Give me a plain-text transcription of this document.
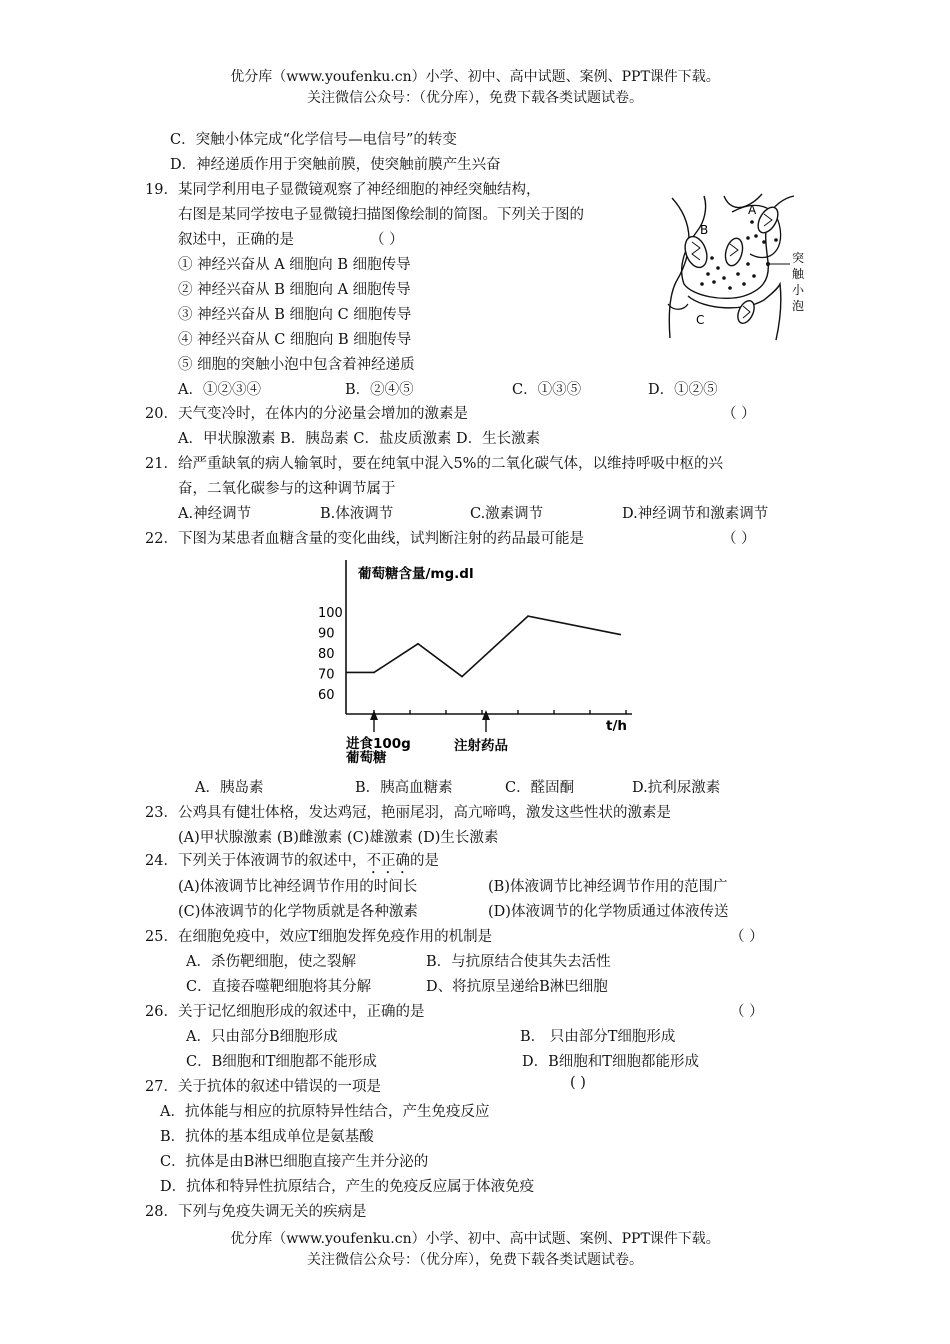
优分库（www.youfenku.cn）小学、初中、高中试题、案例、PPT课件下载。
关注微信公众号：（优分库），免费下载各类试题试卷。
C．突触小体完成“化学信号—电信号”的转变
D．神经递质作用于突触前膜，使突触前膜产生兴奋
19．某同学利用电子显微镜观察了神经细胞的神经突触结构，
右图是某同学按电子显微镜扫描图像绘制的简图。下列关于图的
叙述中，正确的是	（ ）
① 神经兴奋从 A 细胞向 B 细胞传导
② 神经兴奋从 B 细胞向 A 细胞传导
③ 神经兴奋从 B 细胞向 C 细胞传导
④ 神经兴奋从 C 细胞向 B 细胞传导
⑤ 细胞的突触小泡中包含着神经递质
A．①②③④	B．②④⑤	C．①③⑤	D．①②⑤
A
B
C
突
触
小
泡
20．天气变冷时，在体内的分泌量会增加的激素是	（ ）
A．甲状腺激素 B．胰岛素 C．盐皮质激素 D．生长激素
21．给严重缺氧的病人输氧时，要在纯氧中混入5%的二氧化碳气体，以维持呼吸中枢的兴
奋，二氧化碳参与的这种调节属于
A.神经调节	B.体液调节	C.激素调节	D.神经调节和激素调节
22．下图为某患者血糖含量的变化曲线，试判断注射的药品最可能是	（ ）
葡萄糖含量/mg.dl
60
70
80
90
100
t/h
进食100g
葡萄糖
注射药品
A．胰岛素	B．胰高血糖素	C．醛固酮	D.抗利尿激素
23．公鸡具有健壮体格，发达鸡冠，艳丽尾羽，高亢啼鸣，激发这些性状的激素是
(A)甲状腺激素 (B)雌激素 (C)雄激素 (D)生长激素
24．下列关于体液调节的叙述中，不正确的是
(A)体液调节比神经调节作用的时间长	(B)体液调节比神经调节作用的范围广
(C)体液调节的化学物质就是各种激素	(D)体液调节的化学物质通过体液传送
25．在细胞免疫中，效应T细胞发挥免疫作用的机制是	（ ）
A．杀伤靶细胞，使之裂解	B．与抗原结合使其失去活性
C．直接吞噬靶细胞将其分解	D、将抗原呈递给B淋巴细胞
26．关于记忆细胞形成的叙述中，正确的是	（ ）
A．只由部分B细胞形成	B． 只由部分T细胞形成
C．B细胞和T细胞都不能形成	D．B细胞和T细胞都能形成
27．关于抗体的叙述中错误的一项是	( )
A．抗体能与相应的抗原特异性结合，产生免疫反应
B．抗体的基本组成单位是氨基酸
C．抗体是由B淋巴细胞直接产生并分泌的
D．抗体和特异性抗原结合，产生的免疫反应属于体液免疫
28．下列与免疫失调无关的疾病是
优分库（www.youfenku.cn）小学、初中、高中试题、案例、PPT课件下载。
关注微信公众号：（优分库），免费下载各类试题试卷。
